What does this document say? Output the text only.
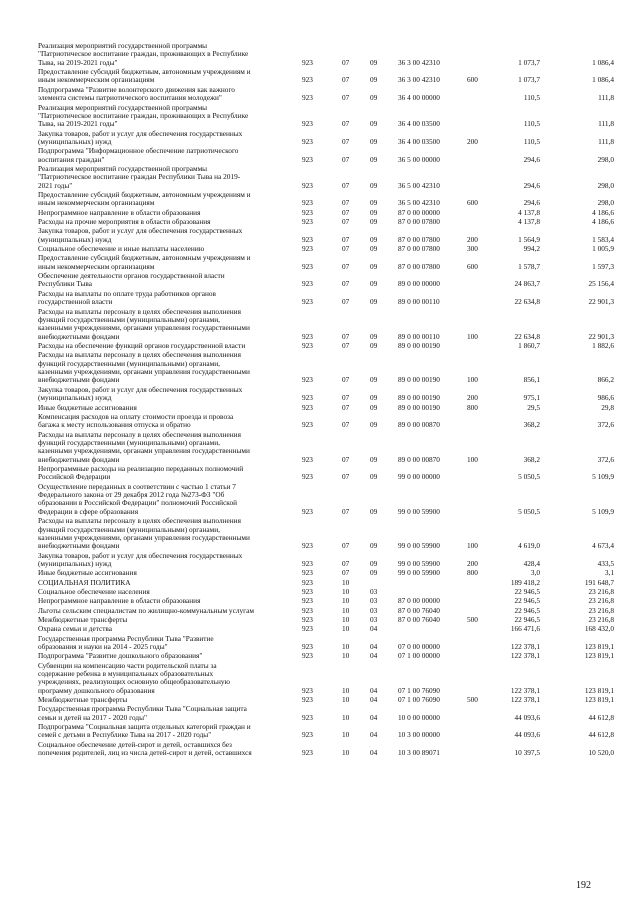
Реализация мероприятий государственной программы
"Патриотическое воспитание граждан, проживающих в Республике
Тыва, на 2019-2021 годы"	923	07	09	36 3 00 42310	1 073,7	1 086,4
Предоставление субсидий бюджетным, автономным учреждениям и
иным некоммерческим организациям	923	07	09	36 3 00 42310	600	1 073,7	1 086,4
Подпрограмма "Развитие волонтерского движения как важного
элемента системы патриотического воспитания молодежи"	923	07	09	36 4 00 00000	110,5	111,8
Реализация мероприятий государственной программы
"Патриотическое воспитание граждан, проживающих в Республике
Тыва, на 2019-2021 годы"	923	07	09	36 4 00 03500	110,5	111,8
Закупка товаров, работ и услуг для обеспечения государственных
(муниципальных) нужд	923	07	09	36 4 00 03500	200	110,5	111,8
Подпрограмма "Информационное обеспечение патриотического
воспитания граждан"	923	07	09	36 5 00 00000	294,6	298,0
Реализация мероприятий государственной программы
"Патриотическое воспитание граждан Республики Тыва на 2019-
2021 годы"	923	07	09	36 5 00 42310	294,6	298,0
Предоставление субсидий бюджетным, автономным учреждениям и
иным некоммерческим организациям	923	07	09	36 5 00 42310	600	294,6	298,0
Непрограммное направление в области образования	923	07	09	87 0 00 00000	4 137,8	4 186,6
Расходы на прочие мероприятия в области образования	923	07	09	87 0 00 07800	4 137,8	4 186,6
Закупка товаров, работ и услуг для обеспечения государственных
(муниципальных) нужд	923	07	09	87 0 00 07800	200	1 564,9	1 583,4
Социальное обеспечение и иные выплаты населению	923	07	09	87 0 00 07800	300	994,2	1 005,9
Предоставление субсидий бюджетным, автономным учреждениям и
иным некоммерческим организациям	923	07	09	87 0 00 07800	600	1 578,7	1 597,3
Обеспечение деятельности органов государственной власти
Республики Тыва	923	07	09	89 0 00 00000	24 863,7	25 156,4
Расходы на выплаты по оплате труда работников органов
государственной власти	923	07	09	89 0 00 00110	22 634,8	22 901,3
Расходы на выплаты персоналу в целях обеспечения выполнения
функций государственными (муниципальными) органами,
казенными учреждениями, органами управления государственными
внебюджетными фондами	923	07	09	89 0 00 00110	100	22 634,8	22 901,3
Расходы на обеспечение функций органов государственной власти	923	07	09	89 0 00 00190	1 860,7	1 882,6
Расходы на выплаты персоналу в целях обеспечения выполнения
функций государственными (муниципальными) органами,
казенными учреждениями, органами управления государственными
внебюджетными фондами	923	07	09	89 0 00 00190	100	856,1	866,2
Закупка товаров, работ и услуг для обеспечения государственных
(муниципальных) нужд	923	07	09	89 0 00 00190	200	975,1	986,6
Иные бюджетные ассигнования	923	07	09	89 0 00 00190	800	29,5	29,8
Компенсация расходов на оплату стоимости проезда и провоза
багажа к месту использования отпуска и обратно	923	07	09	89 0 00 00870	368,2	372,6
Расходы на выплаты персоналу в целях обеспечения выполнения
функций государственными (муниципальными) органами,
казенными учреждениями, органами управления государственными
внебюджетными фондами	923	07	09	89 0 00 00870	100	368,2	372,6
Непрограммные расходы на реализацию переданных полномочий
Российской Федерации	923	07	09	99 0 00 00000	5 050,5	5 109,9
Осуществление переданных в соответствии с частью 1 статьи 7
Федерального закона от 29 декабря 2012 года №273-ФЗ "Об
образовании в Российской Федерации" полномочий Российской
Федерации в сфере образования	923	07	09	99 0 00 59900	5 050,5	5 109,9
Расходы на выплаты персоналу в целях обеспечения выполнения
функций государственными (муниципальными) органами,
казенными учреждениями, органами управления государственными
внебюджетными фондами	923	07	09	99 0 00 59900	100	4 619,0	4 673,4
Закупка товаров, работ и услуг для обеспечения государственных
(муниципальных) нужд	923	07	09	99 0 00 59900	200	428,4	433,5
Иные бюджетные ассигнования	923	07	09	99 0 00 59900	800	3,0	3,1
СОЦИАЛЬНАЯ ПОЛИТИКА	923	10	189 418,2	191 648,7
Социальное обеспечение населения	923	10	03	22 946,5	23 216,8
Непрограммное направление в области образования	923	10	03	87 0 00 00000	22 946,5	23 216,8
Льготы сельским специалистам по жилищно-коммунальным услугам	923	10	03	87 0 00 76040	22 946,5	23 216,8
Межбюджетные трансферты	923	10	03	87 0 00 76040	500	22 946,5	23 216,8
Охрана семьи и детства	923	10	04	166 471,6	168 432,0
Государственная программа Республики Тыва "Развитие
образования и науки на 2014 - 2025 годы"	923	10	04	07 0 00 00000	122 378,1	123 819,1
Подпрограмма "Развитие дошкольного образования"	923	10	04	07 1 00 00000	122 378,1	123 819,1
Субвенции на компенсацию части родительской платы за
содержание ребенка в муниципальных образовательных
учреждениях, реализующих основную общеобразовательную
программу дошкольного образования	923	10	04	07 1 00 76090	122 378,1	123 819,1
Межбюджетные трансферты	923	10	04	07 1 00 76090	500	122 378,1	123 819,1
Государственная программа Республики Тыва "Социальная защита
семьи и детей на 2017 - 2020 годы"	923	10	04	10 0 00 00000	44 093,6	44 612,8
Подпрограмма "Социальная защита отдельных категорий граждан и
семей с детьми в Республике Тыва на 2017 - 2020 годы"	923	10	04	10 3 00 00000	44 093,6	44 612,8
Социальное обеспечение детей-сирот и детей, оставшихся без
попечения родителей, лиц из числа детей-сирот и детей, оставшихся	923	10	04	10 3 00 89071	10 397,5	10 520,0
192
